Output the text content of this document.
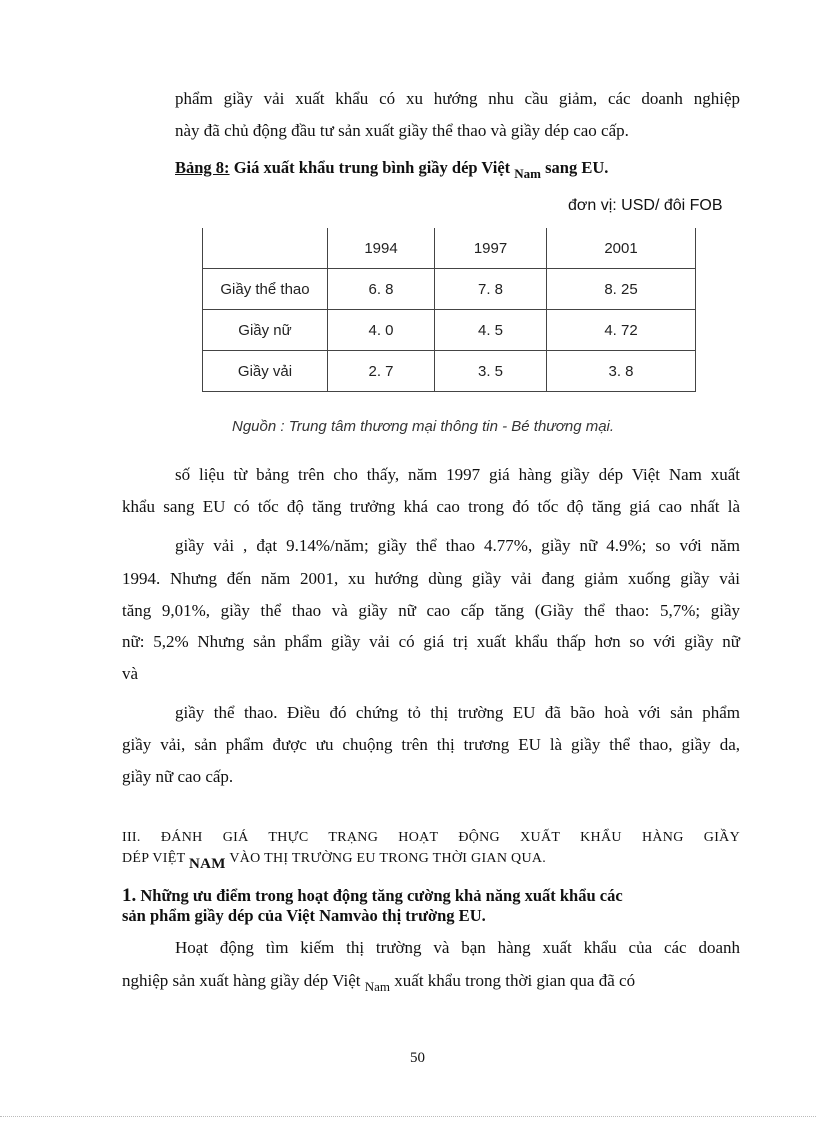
phẩm giầy vải xuất khẩu có xu hướng nhu cầu giảm, các doanh nghiệp
này đã chủ động đầu tư sản xuất giầy thể thao và giầy dép cao cấp.
Bảng 8: Giá xuất khẩu trung bình giầy dép Việt $_{Nam}$ sang EU.
đơn vị: USD/ đôi FOB
	1994	1997	2001
Giầy thể thao	6. 8	7. 8	8. 25
Giầy nữ	4. 0	4. 5	4. 72
Giầy vải	2. 7	3. 5	3. 8
Nguồn : Trung tâm thương mại thông tin - Bé thương mại.
số liệu từ bảng trên cho thấy, năm 1997 giá hàng giầy dép Việt Nam xuất
khẩu sang EU có tốc độ tăng trưởng khá cao trong đó tốc độ tăng giá cao nhất là
giầy vải , đạt 9.14%/năm; giầy thể thao 4.77%, giầy nữ 4.9%; so với năm
1994. Nhưng đến năm 2001, xu hướng dùng giầy vải đang giảm xuống giầy vải
tăng 9,01%, giầy thể thao và giầy nữ cao cấp tăng (Giầy thể thao: 5,7%; giầy
nữ: 5,2% Nhưng sản phẩm giầy vải có giá trị xuất khẩu thấp hơn so với giầy nữ
và
giầy thể thao. Điều đó chứng tỏ thị trường EU đã bão hoà với sản phẩm
giầy vải, sản phẩm được ưu chuộng trên thị trương EU là giầy thể thao, giầy da,
giầy nữ cao cấp.
III. ĐÁNH GIÁ THỰC TRẠNG HOẠT ĐỘNG XUẤT KHẨU HÀNG GIẦY
DÉP VIỆT NAM VÀO THỊ TRƯỜNG EU TRONG THỜI GIAN QUA.
1. Những ưu điểm trong hoạt động tăng cường khả năng xuất khẩu các
sản phẩm giầy dép của Việt Namvào thị trường EU.
Hoạt động tìm kiếm thị trường và bạn hàng xuất khẩu của các doanh
nghiệp sản xuất hàng giầy dép Việt $_{Nam}$ xuất khẩu trong thời gian qua đã có
50
